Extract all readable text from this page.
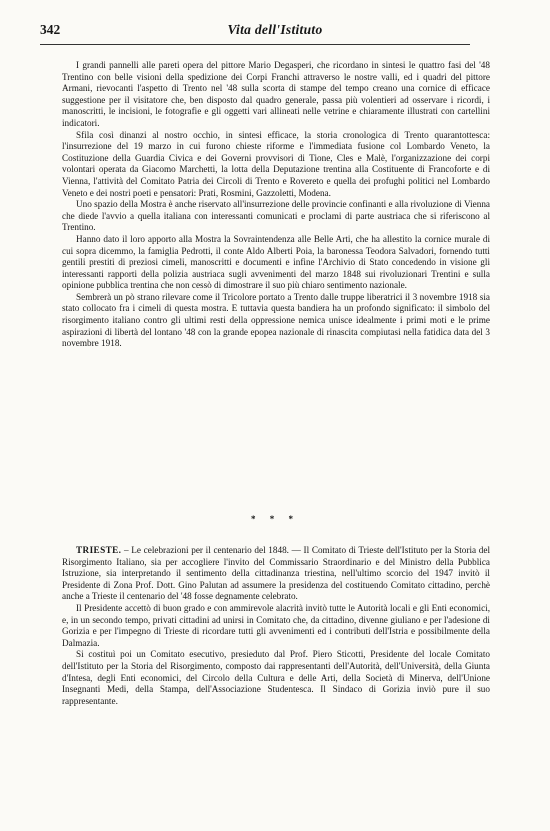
342	Vita dell'Istituto

I grandi pannelli alle pareti opera del pittore Mario Degasperi, che ricordano in sintesi le quattro fasi del '48 Trentino con belle visioni della spedizione dei Corpi Franchi attraverso le nostre valli, ed i quadri del pittore Armani, rievocanti l'aspetto di Trento nel '48 sulla scorta di stampe del tempo creano una cornice di efficace suggestione per il visitatore che, ben disposto dal quadro generale, passa più volentieri ad osservare i ricordi, i manoscritti, le incisioni, le fotografie e gli oggetti vari allineati nelle vetrine e chiaramente illustrati con cartellini indicatori.

Sfila così dinanzi al nostro occhio, in sintesi efficace, la storia cronologica di Trento quarantottesca: l'insurrezione del 19 marzo in cui furono chieste riforme e l'immediata fusione col Lombardo Veneto, la Costituzione della Guardia Civica e dei Governi provvisori di Tione, Cles e Malè, l'organizzazione dei corpi volontari operata da Giacomo Marchetti, la lotta della Deputazione trentina alla Costituente di Francoforte e di Vienna, l'attività del Comitato Patria dei Circoli di Trento e Rovereto e quella dei profughi politici nel Lombardo Veneto e dei nostri poeti e pensatori: Prati, Rosmini, Gazzoletti, Modena.

Uno spazio della Mostra è anche riservato all'insurrezione delle provincie confinanti e alla rivoluzione di Vienna che diede l'avvio a quella italiana con interessanti comunicati e proclami di parte austriaca che si riferiscono al Trentino.

Hanno dato il loro apporto alla Mostra la Sovraintendenza alle Belle Arti, che ha allestito la cornice murale di cui sopra dicemmo, la famiglia Pedrotti, il conte Aldo Alberti Poia, la baronessa Teodora Salvadori, fornendo tutti gentili prestiti di preziosi cimeli, manoscritti e documenti e infine l'Archivio di Stato concedendo in visione gli interessanti rapporti della polizia austriaca sugli avvenimenti del marzo 1848 sui rivoluzionari Trentini e sulla opinione pubblica trentina che non cessò di dimostrare il suo più chiaro sentimento nazionale.

Sembrerà un pò strano rilevare come il Tricolore portato a Trento dalle truppe liberatrici il 3 novembre 1918 sia stato collocato fra i cimeli di questa mostra. E tuttavia questa bandiera ha un profondo significato: il simbolo del risorgimento italiano contro gli ultimi resti della oppressione nemica unisce idealmente i primi moti e le prime aspirazioni di libertà del lontano '48 con la grande epopea nazionale di rinascita compiutasi nella fatidica data del 3 novembre 1918.

* * *

TRIESTE. – Le celebrazioni per il centenario del 1848. — Il Comitato di Trieste dell'Istituto per la Storia del Risorgimento Italiano, sia per accogliere l'invito del Commissario Straordinario e del Ministro della Pubblica Istruzione, sia interpretando il sentimento della cittadinanza triestina, nell'ultimo scorcio del 1947 invitò il Presidente di Zona Prof. Dott. Gino Palutan ad assumere la presidenza del costituendo Comitato cittadino, perchè anche a Trieste il centenario del '48 fosse degnamente celebrato.

Il Presidente accettò di buon grado e con ammirevole alacrità invitò tutte le Autorità locali e gli Enti economici, e, in un secondo tempo, privati cittadini ad unirsi in Comitato che, da cittadino, divenne giuliano e per l'adesione di Gorizia e per l'impegno di Trieste di ricordare tutti gli avvenimenti ed i contributi dell'Istria e possibilmente della Dalmazia.

Si costituì poi un Comitato esecutivo, presieduto dal Prof. Piero Sticotti, Presidente del locale Comitato dell'Istituto per la Storia del Risorgimento, composto dai rappresentanti dell'Autorità, dell'Università, della Giunta d'Intesa, degli Enti economici, del Circolo della Cultura e delle Arti, della Società di Minerva, dell'Unione Insegnanti Medi, della Stampa, dell'Associazione Studentesca. Il Sindaco di Gorizia inviò pure il suo rappresentante.
